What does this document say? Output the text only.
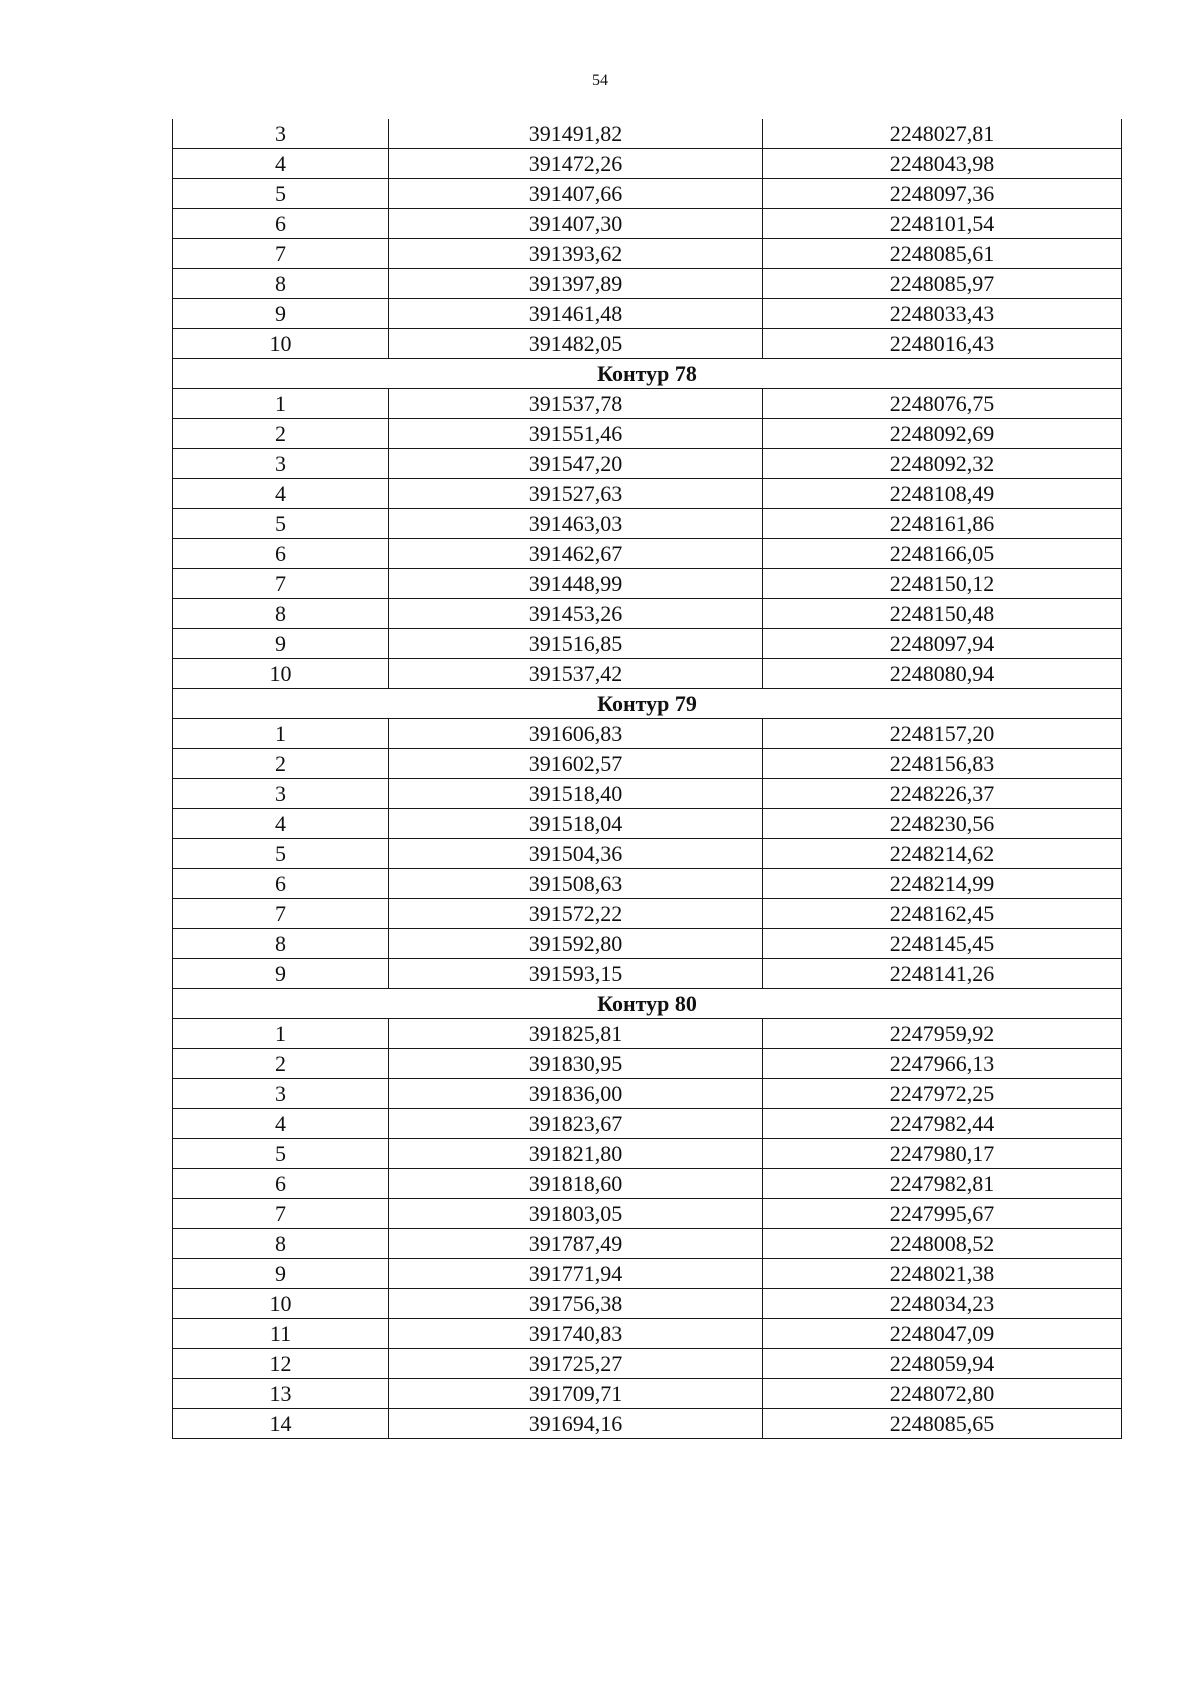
54
3	391491,82	2248027,81
4	391472,26	2248043,98
5	391407,66	2248097,36
6	391407,30	2248101,54
7	391393,62	2248085,61
8	391397,89	2248085,97
9	391461,48	2248033,43
10	391482,05	2248016,43
Контур 78		
1	391537,78	2248076,75
2	391551,46	2248092,69
3	391547,20	2248092,32
4	391527,63	2248108,49
5	391463,03	2248161,86
6	391462,67	2248166,05
7	391448,99	2248150,12
8	391453,26	2248150,48
9	391516,85	2248097,94
10	391537,42	2248080,94
Контур 79		
1	391606,83	2248157,20
2	391602,57	2248156,83
3	391518,40	2248226,37
4	391518,04	2248230,56
5	391504,36	2248214,62
6	391508,63	2248214,99
7	391572,22	2248162,45
8	391592,80	2248145,45
9	391593,15	2248141,26
Контур 80		
1	391825,81	2247959,92
2	391830,95	2247966,13
3	391836,00	2247972,25
4	391823,67	2247982,44
5	391821,80	2247980,17
6	391818,60	2247982,81
7	391803,05	2247995,67
8	391787,49	2248008,52
9	391771,94	2248021,38
10	391756,38	2248034,23
11	391740,83	2248047,09
12	391725,27	2248059,94
13	391709,71	2248072,80
14	391694,16	2248085,65
